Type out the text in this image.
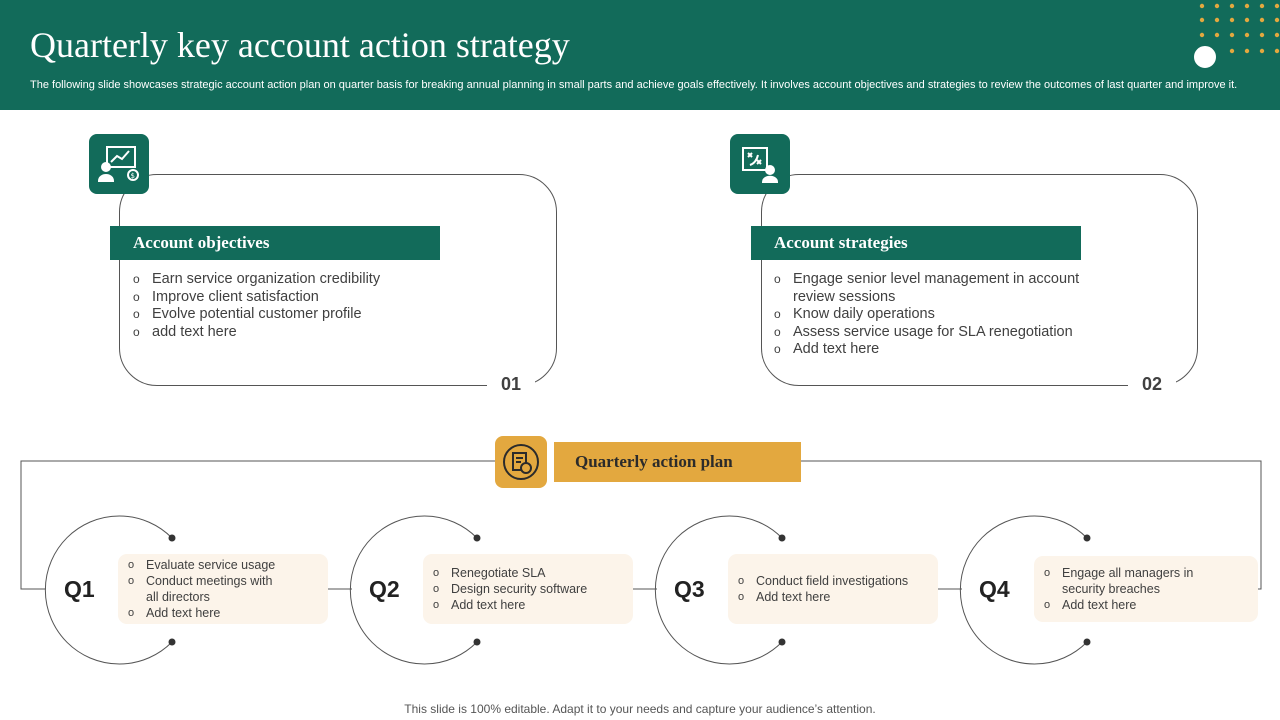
Quarterly key account action strategy
The following slide showcases strategic account action plan on quarter basis for breaking annual planning in small parts and achieve goals effectively. It involves account objectives and strategies to review the outcomes of last quarter and improve it.
$
Account objectives
o Earn service organization credibility
o Improve client satisfaction
o Evolve potential customer profile
o add text here
01
Account strategies
o Engage senior level management in account review sessions
o Know daily operations
o Assess service usage for SLA renegotiation
o Add text here
02
Quarterly action plan
Q1
o Evaluate service usage
o Conduct meetings with all directors
o Add text here
Q2
o Renegotiate SLA
o Design security software
o Add text here
Q3
o	Conduct field investigations
o Add text here	Q4
o Engage all managers in security breaches
o Add text here
This slide is 100% editable. Adapt it to your needs and capture your audience’s attention.
